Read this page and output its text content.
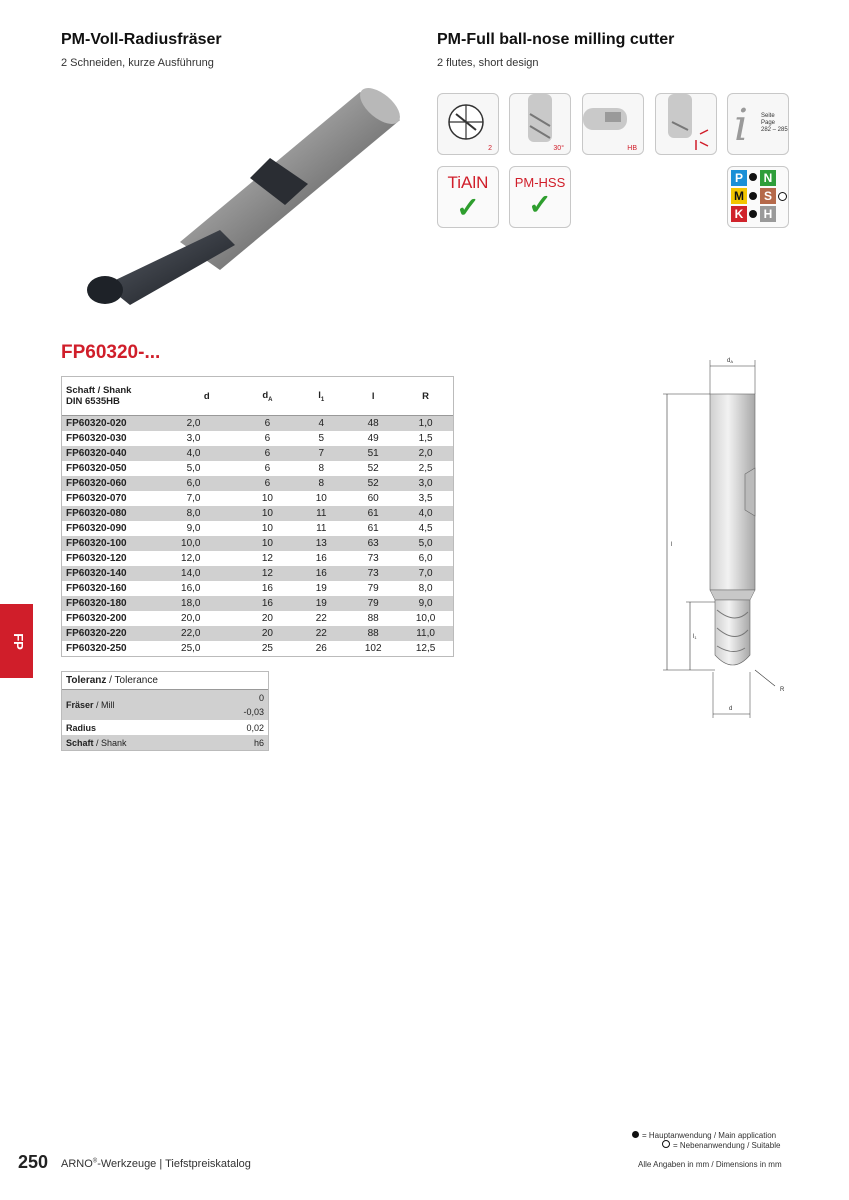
PM-Voll-Radiusfräser
2 Schneiden, kurze Ausführung
PM-Full ball-nose milling cutter
2 flutes, short design
2	30°	HB i Seite Page
282 – 285
TiAlN
✓
PM-HSS
✓
P	N
M	S
K	H
FP60320-...
Schaft / Shank
DIN 6535HB	d	$d_A$	$l_1$	l	R
FP60320-020	2,0	6	4	48	1,0
FP60320-030	3,0	6	5	49	1,5
FP60320-040	4,0	6	7	51	2,0
FP60320-050	5,0	6	8	52	2,5
FP60320-060	6,0	6	8	52	3,0
FP60320-070	7,0	10	10	60	3,5
FP60320-080	8,0	10	11	61	4,0
FP60320-090	9,0	10	11	61	4,5
FP60320-100	10,0	10	13	63	5,0
FP60320-120	12,0	12	16	73	6,0
FP60320-140	14,0	12	16	73	7,0
FP60320-160	16,0	16	19	79	8,0
FP60320-180	18,0	16	19	79	9,0
FP60320-200	20,0	20	22	88	10,0
FP60320-220	22,0	20	22	88	11,0
FP60320-250	25,0	25	26	102	12,5
Toleranz / Tolerance	
Fräser / Mill	0
-0,03

Radius	0,02
Schaft / Shank	h6
dA
l
l1
d
R
FP
= Hauptanwendung / Main application
= Nebenanwendung / Suitable
250 ARNO®-Werkzeuge | Tiefstpreiskatalog	Alle Angaben in mm / Dimensions in mm
